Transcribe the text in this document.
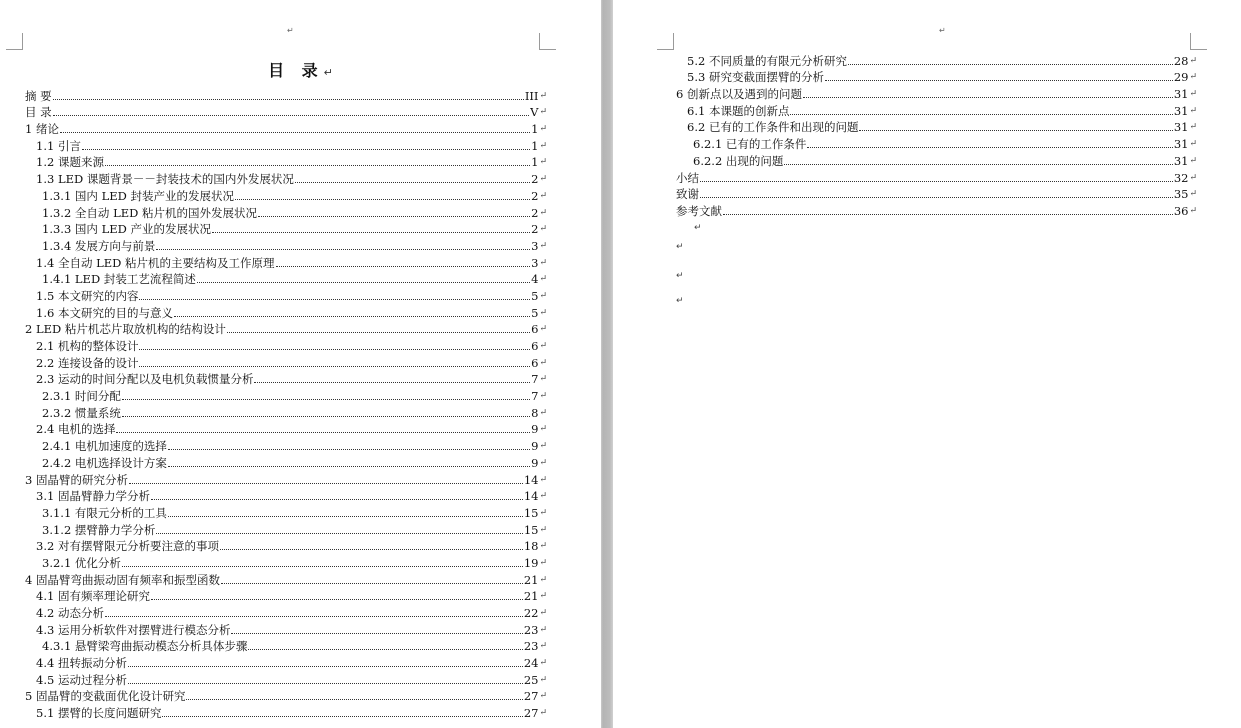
↵
目 录↵
摘 要	III ↵
目 录	V ↵
1 绪论	1 ↵
1.1 引言	1 ↵
1.2 课题来源	1 ↵
1.3 LED 课题背景－－封装技术的国内外发展状况	2 ↵
1.3.1 国内 LED 封装产业的发展状况	2 ↵
1.3.2 全自动 LED 粘片机的国外发展状况	2 ↵
1.3.3 国内 LED 产业的发展状况	2 ↵
1.3.4 发展方向与前景	3 ↵
1.4 全自动 LED 粘片机的主要结构及工作原理	3 ↵
1.4.1 LED 封装工艺流程简述	4 ↵
1.5 本文研究的内容	5 ↵
1.6 本文研究的目的与意义	5 ↵
2 LED 粘片机芯片取放机构的结构设计	6 ↵
2.1 机构的整体设计	6 ↵
2.2 连接设备的设计	6 ↵
2.3 运动的时间分配以及电机负载惯量分析	7 ↵
2.3.1 时间分配	7 ↵
2.3.2 惯量系统	8 ↵
2.4 电机的选择	9 ↵
2.4.1 电机加速度的选择	9 ↵
2.4.2 电机选择设计方案	9 ↵
3 固晶臂的研究分析	14 ↵
3.1 固晶臂静力学分析	14 ↵
3.1.1 有限元分析的工具	15 ↵
3.1.2 摆臂静力学分析	15 ↵
3.2 对有摆臂限元分析要注意的事项	18 ↵
3.2.1 优化分析	19 ↵
4 固晶臂弯曲振动固有频率和振型函数	21 ↵
4.1 固有频率理论研究	21 ↵
4.2 动态分析	22 ↵
4.3 运用分析软件对摆臂进行模态分析	23 ↵
4.3.1 悬臂梁弯曲振动模态分析具体步骤	23 ↵
4.4 扭转振动分析	24 ↵
4.5 运动过程分析	25 ↵
5 固晶臂的变截面优化设计研究	27 ↵
5.1 摆臂的长度问题研究	27 ↵
↵
↵
↵
↵
↵
5.2 不同质量的有限元分析研究	28 ↵
5.3 研究变截面摆臂的分析	29 ↵
6 创新点以及遇到的问题	31 ↵
6.1 本课题的创新点	31 ↵
6.2 已有的工作条件和出现的问题	31 ↵
6.2.1 已有的工作条件	31 ↵
6.2.2 出现的问题	31 ↵
小结	32 ↵
致谢	35 ↵
参考文献	36 ↵
